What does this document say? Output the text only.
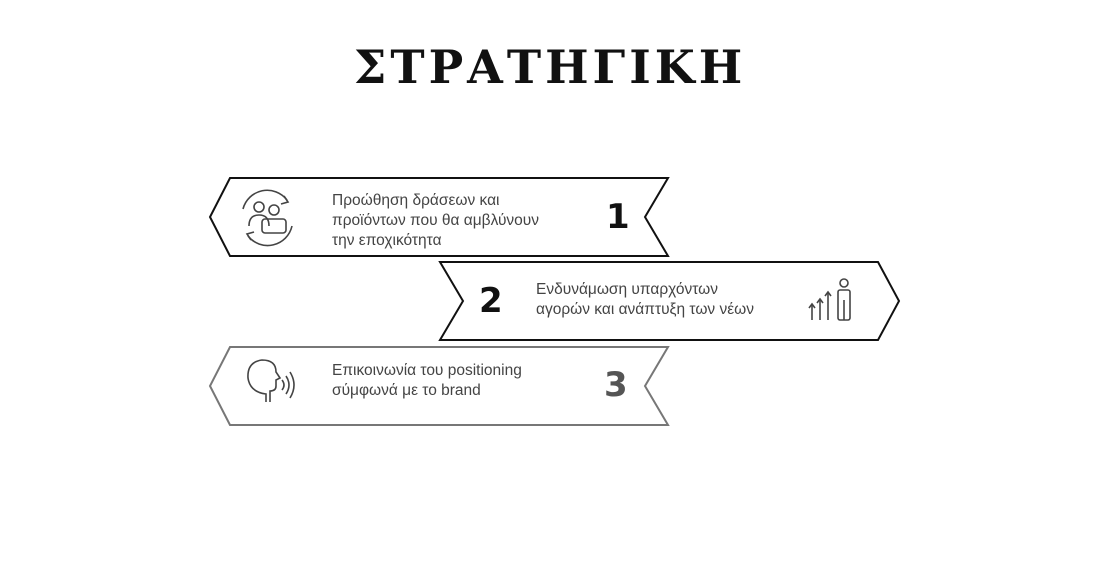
ΣΤΡΑΤΗΓΙΚΗ
Προώθηση δράσεων και
προϊόντων που θα αμβλύνουν
την εποχικότητα
1
Ενδυνάμωση υπαρχόντων
αγορών και ανάπτυξη των νέων
2
Επικοινωνία του positioning
σύμφωνά με το brand	3
